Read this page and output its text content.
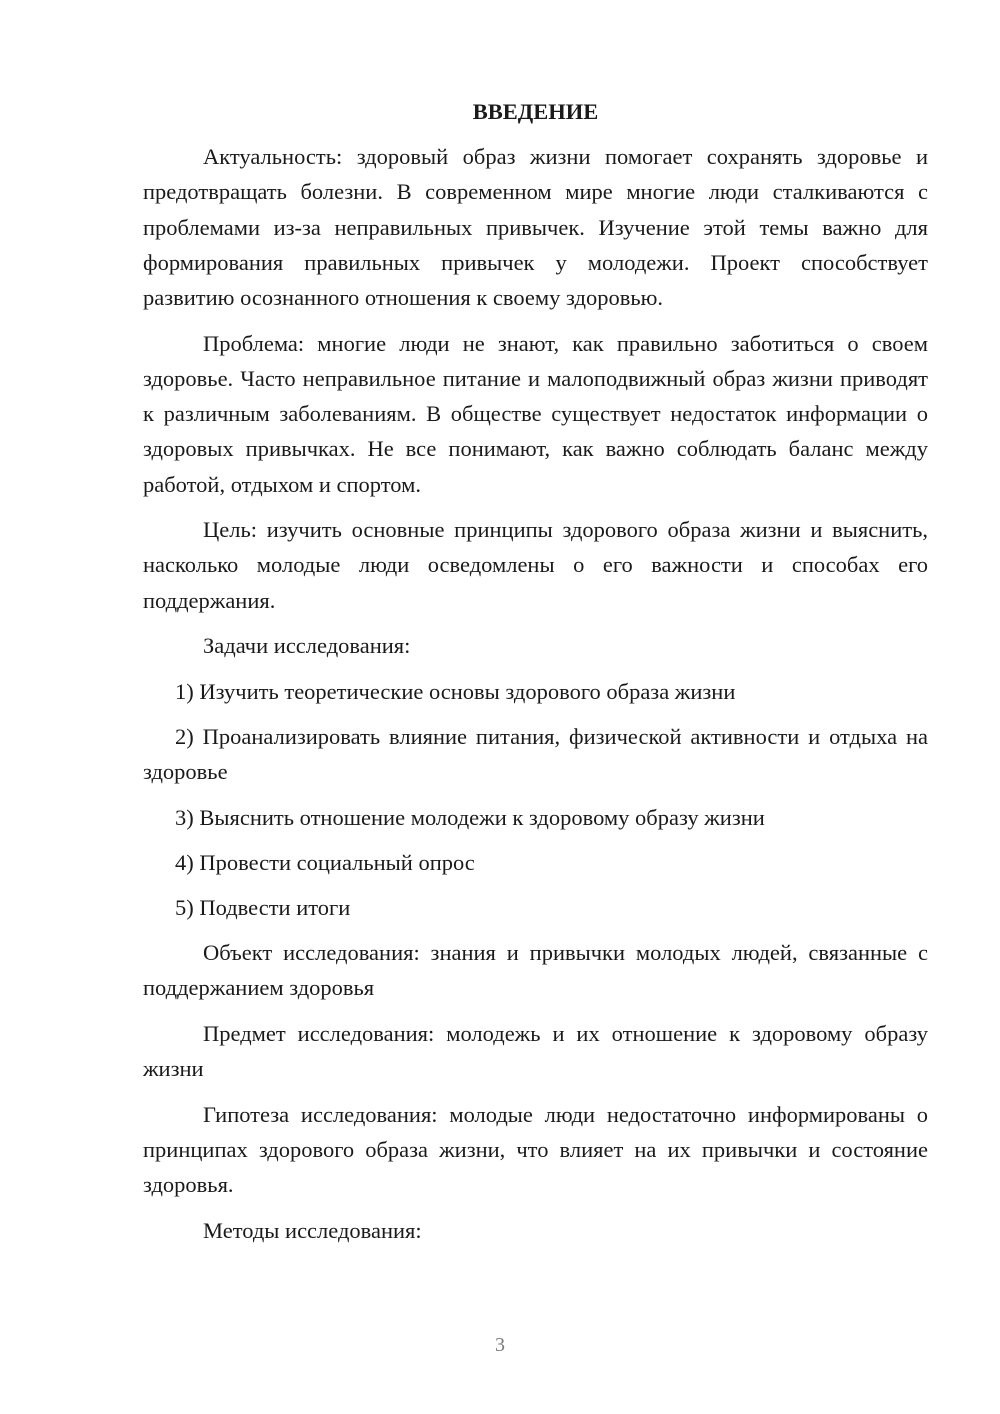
ВВЕДЕНИЕ

Актуальность: здоровый образ жизни помогает сохранять здоровье и предотвращать болезни. В современном мире многие люди сталкиваются с проблемами из-за неправильных привычек. Изучение этой темы важно для формирования правильных привычек у молодежи. Проект способствует развитию осознанного отношения к своему здоровью.

Проблема: многие люди не знают, как правильно заботиться о своем здоровье. Часто неправильное питание и малоподвижный образ жизни приводят к различным заболеваниям. В обществе существует недостаток информации о здоровых привычках. Не все понимают, как важно соблюдать баланс между работой, отдыхом и спортом.

Цель: изучить основные принципы здорового образа жизни и выяснить, насколько молодые люди осведомлены о его важности и способах его поддержания.

Задачи исследования:

1) Изучить теоретические основы здорового образа жизни

2) Проанализировать влияние питания, физической активности и отдыха на здоровье

3) Выяснить отношение молодежи к здоровому образу жизни

4) Провести социальный опрос

5) Подвести итоги

Объект исследования: знания и привычки молодых людей, связанные с поддержанием здоровья

Предмет исследования: молодежь и их отношение к здоровому образу жизни

Гипотеза исследования: молодые люди недостаточно информированы о принципах здорового образа жизни, что влияет на их привычки и состояние здоровья.

Методы исследования:

3
